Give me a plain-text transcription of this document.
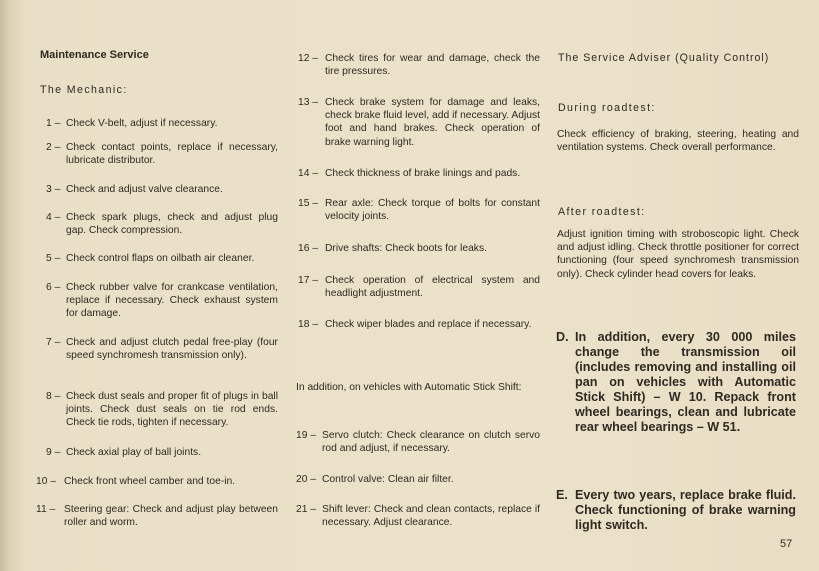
Maintenance Service
The Mechanic:
1 – Check V-belt, adjust if necessary.
2 – Check contact points, replace if necessary, lubricate distributor.
3 – Check and adjust valve clearance.
4 – Check spark plugs, check and adjust plug gap. Check compression.
5 – Check control flaps on oilbath air cleaner.
6 – Check rubber valve for crankcase ventilation, replace if necessary. Check exhaust system for damage.
7 – Check and adjust clutch pedal free-play (four speed synchromesh transmission only).
8 – Check dust seals and proper fit of plugs in ball joints. Check dust seals on tie rod ends. Check tie rods, tighten if necessary.
9 – Check axial play of ball joints.
10 – Check front wheel camber and toe-in.
11 – Steering gear: Check and adjust play between roller and worm.
12 – Check tires for wear and damage, check the tire pressures.
13 – Check brake system for damage and leaks, check brake fluid level, add if necessary. Adjust foot and hand brakes. Check operation of brake warning light.
14 – Check thickness of brake linings and pads.
15 – Rear axle: Check torque of bolts for constant velocity joints.
16 – Drive shafts: Check boots for leaks.
17 – Check operation of electrical system and headlight adjustment.
18 – Check wiper blades and replace if necessary.
In addition, on vehicles with Automatic Stick Shift:
19 – Servo clutch: Check clearance on clutch servo rod and adjust, if necessary.
20 – Control valve: Clean air filter.
21 – Shift lever: Check and clean contacts, replace if necessary. Adjust clearance.
The Service Adviser (Quality Control)
During roadtest:
Check efficiency of braking, steering, heating and ventilation systems. Check overall performance.
After roadtest:
Adjust ignition timing with stroboscopic light. Check and adjust idling. Check throttle positioner for correct functioning (four speed synchromesh transmission only). Check cylinder head covers for leaks.
D. In addition, every 30 000 miles change the transmission oil (includes removing and installing oil pan on vehicles with Automatic Stick Shift) – W 10. Repack front wheel bearings, clean and lubricate rear wheel bearings – W 51.
E. Every two years, replace brake fluid. Check functioning of brake warning light switch.
57
